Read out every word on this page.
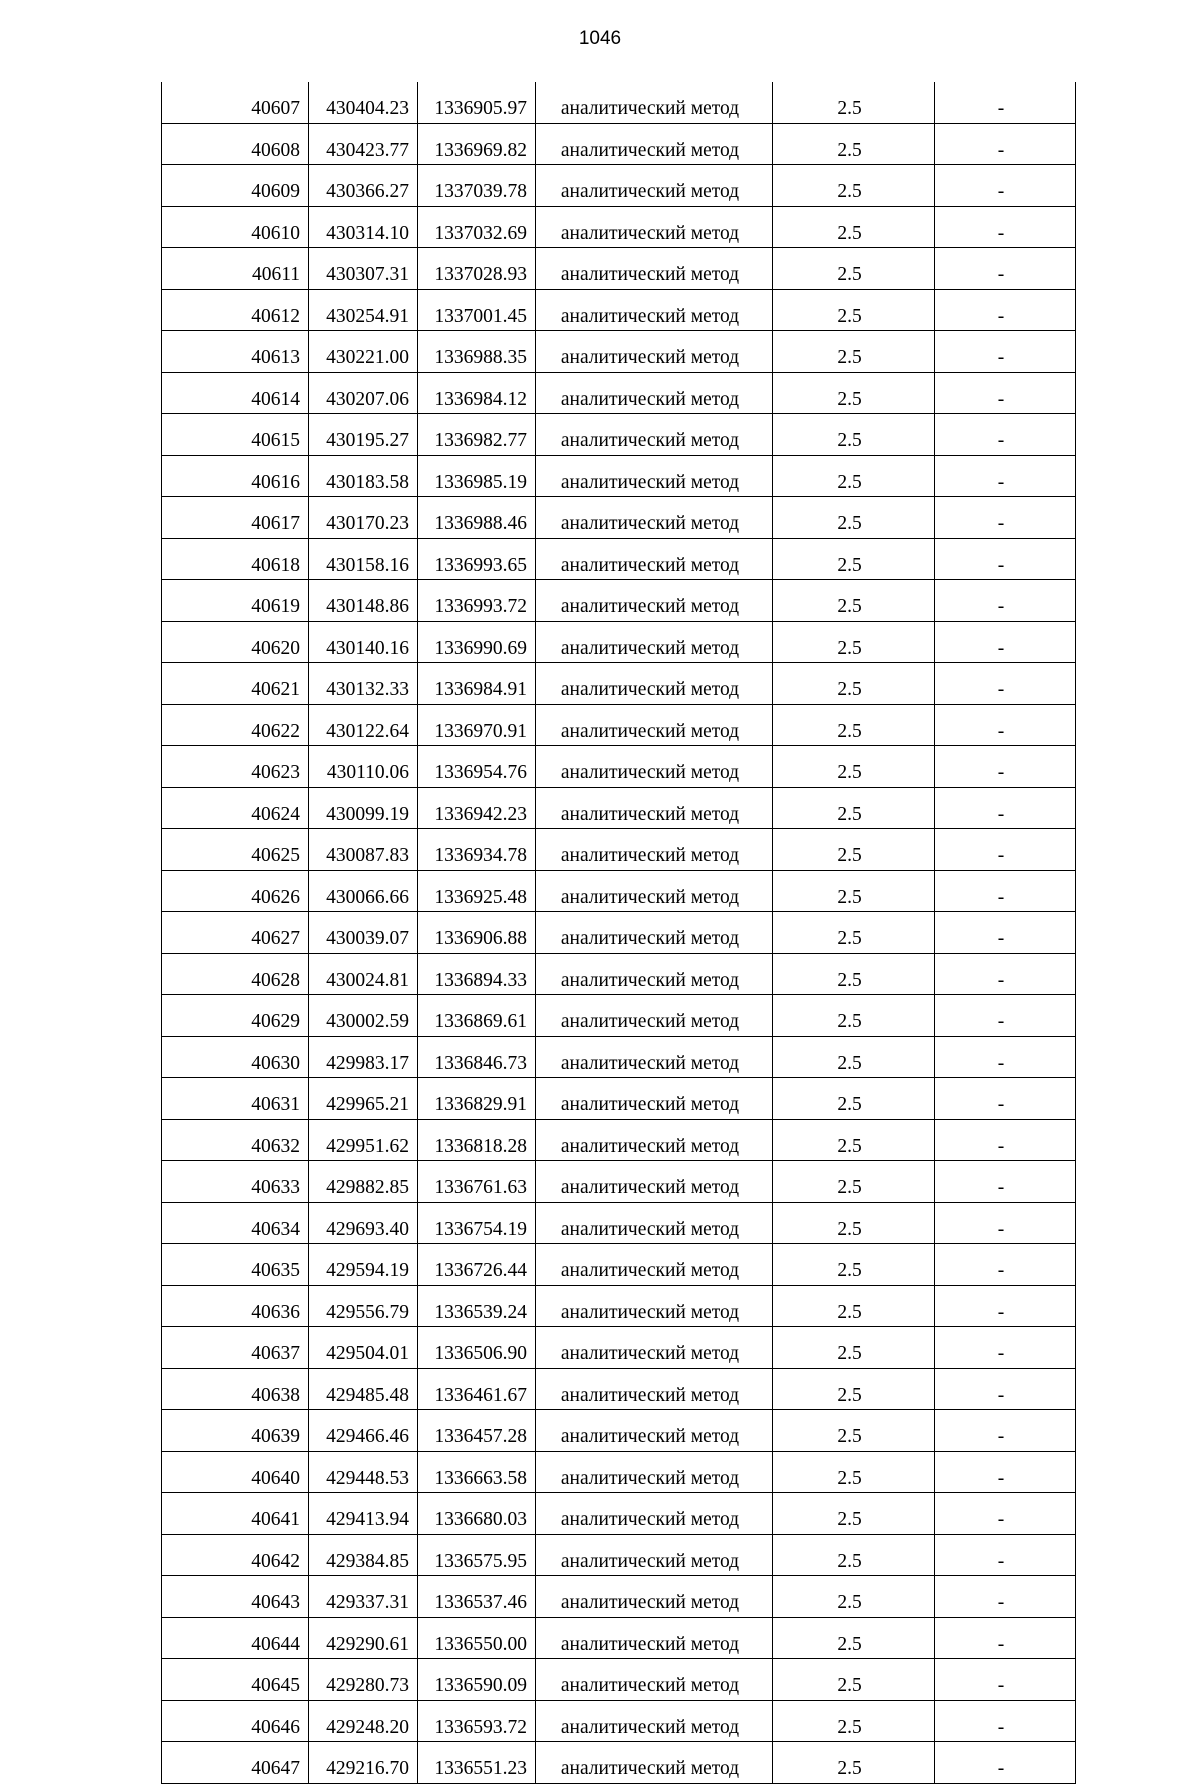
1046
40607	430404.23	1336905.97	аналитический метод	2.5	-
40608	430423.77	1336969.82	аналитический метод	2.5	-
40609	430366.27	1337039.78	аналитический метод	2.5	-
40610	430314.10	1337032.69	аналитический метод	2.5	-
40611	430307.31	1337028.93	аналитический метод	2.5	-
40612	430254.91	1337001.45	аналитический метод	2.5	-
40613	430221.00	1336988.35	аналитический метод	2.5	-
40614	430207.06	1336984.12	аналитический метод	2.5	-
40615	430195.27	1336982.77	аналитический метод	2.5	-
40616	430183.58	1336985.19	аналитический метод	2.5	-
40617	430170.23	1336988.46	аналитический метод	2.5	-
40618	430158.16	1336993.65	аналитический метод	2.5	-
40619	430148.86	1336993.72	аналитический метод	2.5	-
40620	430140.16	1336990.69	аналитический метод	2.5	-
40621	430132.33	1336984.91	аналитический метод	2.5	-
40622	430122.64	1336970.91	аналитический метод	2.5	-
40623	430110.06	1336954.76	аналитический метод	2.5	-
40624	430099.19	1336942.23	аналитический метод	2.5	-
40625	430087.83	1336934.78	аналитический метод	2.5	-
40626	430066.66	1336925.48	аналитический метод	2.5	-
40627	430039.07	1336906.88	аналитический метод	2.5	-
40628	430024.81	1336894.33	аналитический метод	2.5	-
40629	430002.59	1336869.61	аналитический метод	2.5	-
40630	429983.17	1336846.73	аналитический метод	2.5	-
40631	429965.21	1336829.91	аналитический метод	2.5	-
40632	429951.62	1336818.28	аналитический метод	2.5	-
40633	429882.85	1336761.63	аналитический метод	2.5	-
40634	429693.40	1336754.19	аналитический метод	2.5	-
40635	429594.19	1336726.44	аналитический метод	2.5	-
40636	429556.79	1336539.24	аналитический метод	2.5	-
40637	429504.01	1336506.90	аналитический метод	2.5	-
40638	429485.48	1336461.67	аналитический метод	2.5	-
40639	429466.46	1336457.28	аналитический метод	2.5	-
40640	429448.53	1336663.58	аналитический метод	2.5	-
40641	429413.94	1336680.03	аналитический метод	2.5	-
40642	429384.85	1336575.95	аналитический метод	2.5	-
40643	429337.31	1336537.46	аналитический метод	2.5	-
40644	429290.61	1336550.00	аналитический метод	2.5	-
40645	429280.73	1336590.09	аналитический метод	2.5	-
40646	429248.20	1336593.72	аналитический метод	2.5	-
40647	429216.70	1336551.23	аналитический метод	2.5	-
